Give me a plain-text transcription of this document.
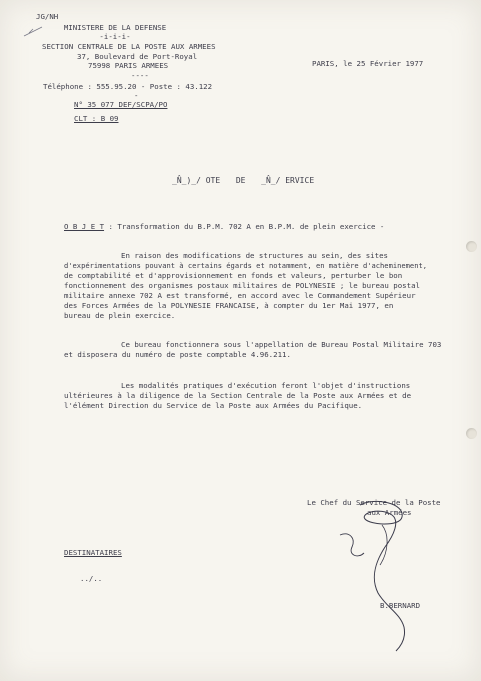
JG/NH
MINISTERE DE LA DEFENSE
-i-i-i-
SECTION CENTRALE DE LA POSTE AUX ARMEES
37, Boulevard de Port-Royal
75998 PARIS ARMEES
----
Téléphone : 555.95.20 - Poste : 43.122
-
N° 35 077 DEF/SCPA/PO
CLT : B 09
PARIS, le 25 Février 1977
_N̂_)_/ OTE DE _N̂_/ ERVICE
O B J E T : Transformation du B.P.M. 702 A en B.P.M. de plein exercice -
En raison des modifications de structures au sein, des sites
d'expérimentations pouvant à certains égards et notamment, en matière d'acheminement,
de comptabilité et d'approvisionnement en fonds et valeurs, perturber le bon
fonctionnement des organismes postaux militaires de POLYNESIE ; le bureau postal
militaire annexe 702 A est transformé, en accord avec le Commandement Supérieur
des Forces Armées de la POLYNESIE FRANCAISE, à compter du 1er Mai 1977, en
bureau de plein exercice.
Ce bureau fonctionnera sous l'appellation de Bureau Postal Militaire 703
et disposera du numéro de poste comptable 4.96.211.
Les modalités pratiques d'exécution feront l'objet d'instructions
ultérieures à la diligence de la Section Centrale de la Poste aux Armées et de
l'élément Direction du Service de la Poste aux Armées du Pacifique.
Le Chef du Service de la Poste
aux Armées
B.BERNARD
DESTINATAIRES
../..
